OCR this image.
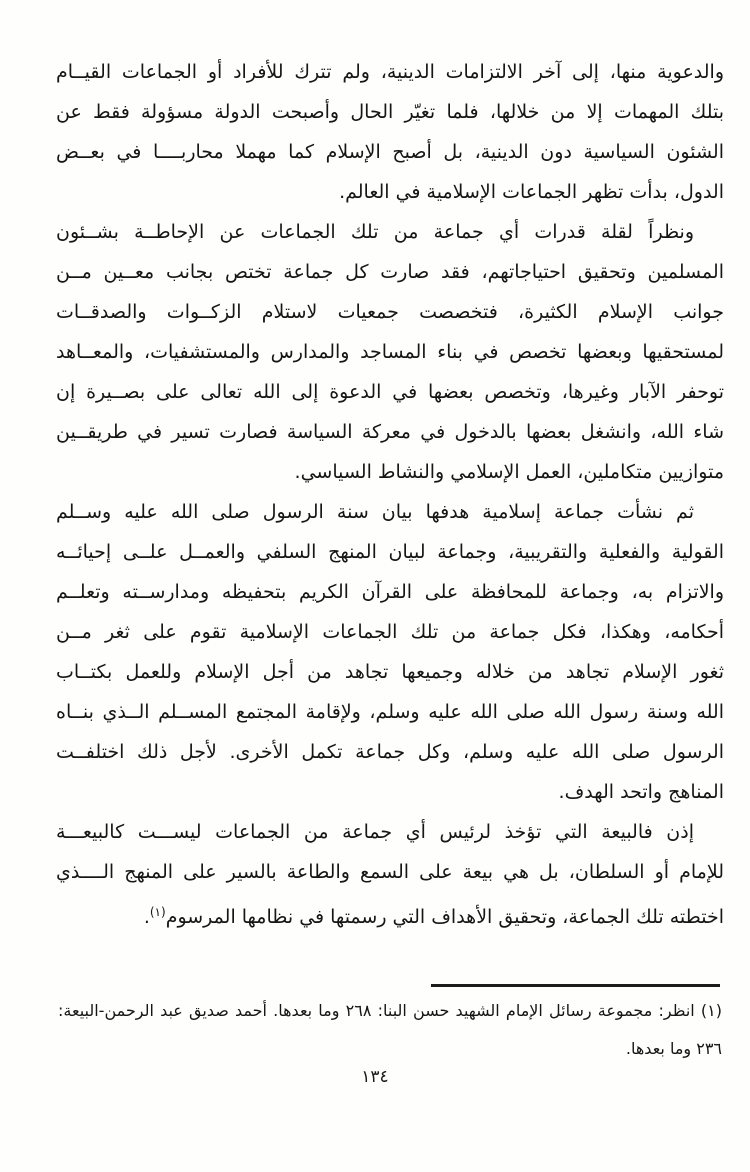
والدعوية منها، إلى آخر الالتزامات الدينية، ولم تترك للأفراد أو الجماعات القيــام
بتلك المهمات إلا من خلالها، فلما تغيّر الحال وأصبحت الدولة مسؤولة فقط عن
الشئون السياسية دون الدينية، بل أصبح الإسلام كما مهملا محاربــــا في بعــض
الدول، بدأت تظهر الجماعات الإسلامية في العالم.
ونظراً لقلة قدرات أي جماعة من تلك الجماعات عن الإحاطــة بشــئون
المسلمين وتحقيق احتياجاتهم، فقد صارت كل جماعة تختص بجانب معــين مــن
جوانب الإسلام الكثيرة، فتخصصت جمعيات لاستلام الزكــوات والصدقــات
لمستحقيها وبعضها تخصص في بناء المساجد والمدارس والمستشفيات، والمعــاهد
توحفر الآبار وغيرها، وتخصص بعضها في الدعوة إلى الله تعالى على بصــيرة إن
شاء الله، وانشغل بعضها بالدخول في معركة السياسة فصارت تسير في طريقــين
متوازيين متكاملين، العمل الإسلامي والنشاط السياسي.
ثم نشأت جماعة إسلامية هدفها بيان سنة الرسول صلى الله عليه وســلم
القولية والفعلية والتقريبية، وجماعة لبيان المنهج السلفي والعمــل علــى إحيائــه
والاتزام به، وجماعة للمحافظة على القرآن الكريم بتحفيظه ومدارســته وتعلــم
أحكامه، وهكذا، فكل جماعة من تلك الجماعات الإسلامية تقوم على ثغر مــن
ثغور الإسلام تجاهد من خلاله وجميعها تجاهد من أجل الإسلام وللعمل بكتــاب
الله وسنة رسول الله صلى الله عليه وسلم، ولإقامة المجتمع المســلم الــذي بنــاه
الرسول صلى الله عليه وسلم، وكل جماعة تكمل الأخرى. لأجل ذلك اختلفــت
المناهج واتحد الهدف.
إذن فالبيعة التي تؤخذ لرئيس أي جماعة من الجماعات ليســـت كالبيعـــة
للإمام أو السلطان، بل هي بيعة على السمع والطاعة بالسير على المنهج الــــذي
اختطته تلك الجماعة، وتحقيق الأهداف التي رسمتها في نظامها المرسوم$^{(١)}$.
(١) انظر: مجموعة رسائل الإمام الشهيد حسن البنا: ٢٦٨ وما بعدها. أحمد صديق عبد الرحمن-البيعة:
٢٣٦ وما بعدها.
١٣٤
